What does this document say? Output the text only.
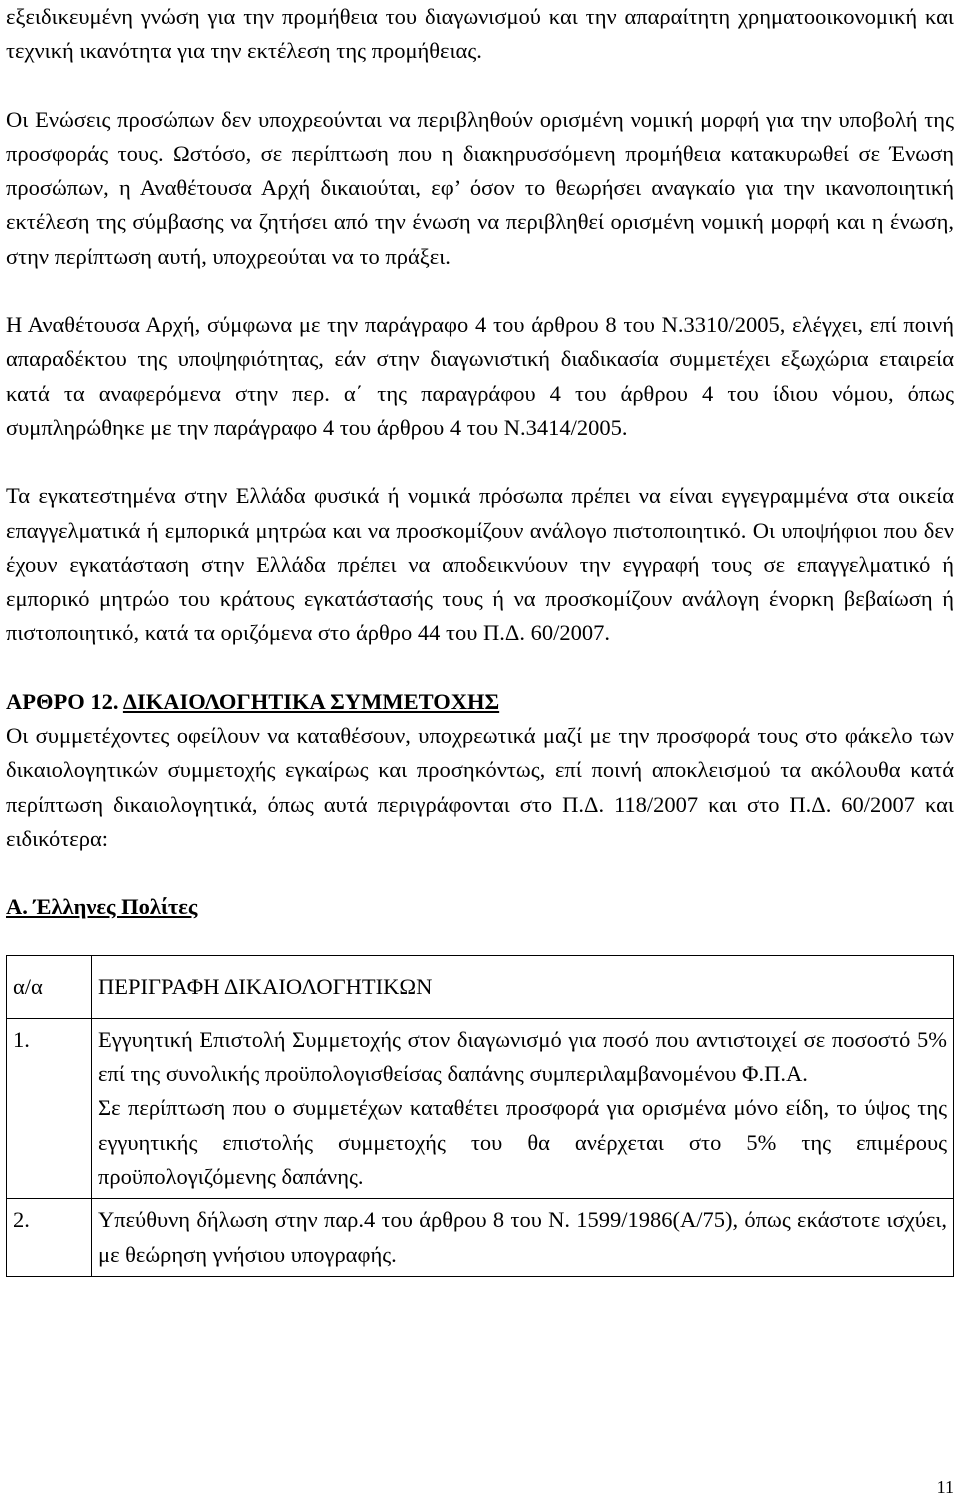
εξειδικευμένη γνώση για την προμήθεια του διαγωνισμού και την απαραίτητη χρηματοοικονομική και τεχνική ικανότητα για την εκτέλεση της προμήθειας.

Οι Ενώσεις προσώπων δεν υποχρεούνται να περιβληθούν ορισμένη νομική μορφή για την υποβολή της προσφοράς τους. Ωστόσο, σε περίπτωση που η διακηρυσσόμενη προμήθεια κατακυρωθεί σε Ένωση προσώπων, η Αναθέτουσα Αρχή δικαιούται, εφ’ όσον το θεωρήσει αναγκαίο για την ικανοποιητική εκτέλεση της σύμβασης να ζητήσει από την ένωση να περιβληθεί ορισμένη νομική μορφή και η ένωση, στην περίπτωση αυτή, υποχρεούται να το πράξει.

Η Αναθέτουσα Αρχή, σύμφωνα με την παράγραφο 4 του άρθρου 8 του Ν.3310/2005, ελέγχει, επί ποινή απαραδέκτου της υποψηφιότητας, εάν στην διαγωνιστική διαδικασία συμμετέχει εξωχώρια εταιρεία κατά τα αναφερόμενα στην περ. α΄ της παραγράφου 4 του άρθρου 4 του ίδιου νόμου, όπως συμπληρώθηκε με την παράγραφο 4 του άρθρου 4 του Ν.3414/2005.

Τα εγκατεστημένα στην Ελλάδα φυσικά ή νομικά πρόσωπα πρέπει να είναι εγγεγραμμένα στα οικεία επαγγελματικά ή εμπορικά μητρώα και να προσκομίζουν ανάλογο πιστοποιητικό. Οι υποψήφιοι που δεν έχουν εγκατάσταση στην Ελλάδα πρέπει να αποδεικνύουν την εγγραφή τους σε επαγγελματικό ή εμπορικό μητρώο του κράτους εγκατάστασής τους ή να προσκομίζουν ανάλογη ένορκη βεβαίωση ή πιστοποιητικό, κατά τα οριζόμενα στο άρθρο 44 του Π.Δ. 60/2007.

ΑΡΘΡΟ 12. ΔΙΚΑΙΟΛΟΓΗΤΙΚΑ ΣΥΜΜΕΤΟΧΗΣ

Οι συμμετέχοντες οφείλουν να καταθέσουν, υποχρεωτικά μαζί με την προσφορά τους στο φάκελο των δικαιολογητικών συμμετοχής εγκαίρως και προσηκόντως, επί ποινή αποκλεισμού τα ακόλουθα κατά περίπτωση δικαιολογητικά, όπως αυτά περιγράφονται στο Π.Δ. 118/2007 και στο Π.Δ. 60/2007 και ειδικότερα:

Α. Έλληνες Πολίτες

α/α	ΠΕΡΙΓΡΑΦΗ ΔΙΚΑΙΟΛΟΓΗΤΙΚΩΝ
1.	Εγγυητική Επιστολή Συμμετοχής στον διαγωνισμό για ποσό που αντιστοιχεί σε ποσοστό 5% επί της συνολικής προϋπολογισθείσας δαπάνης συμπεριλαμβανομένου Φ.Π.Α.
Σε περίπτωση που ο συμμετέχων καταθέτει προσφορά για ορισμένα μόνο είδη, το ύψος της εγγυητικής επιστολής συμμετοχής του θα ανέρχεται στο 5% της επιμέρους προϋπολογιζόμενης δαπάνης.

2.	Υπεύθυνη δήλωση στην παρ.4 του άρθρου 8 του Ν. 1599/1986(Α/75), όπως εκάστοτε ισχύει, με θεώρηση γνήσιου υπογραφής.
11
